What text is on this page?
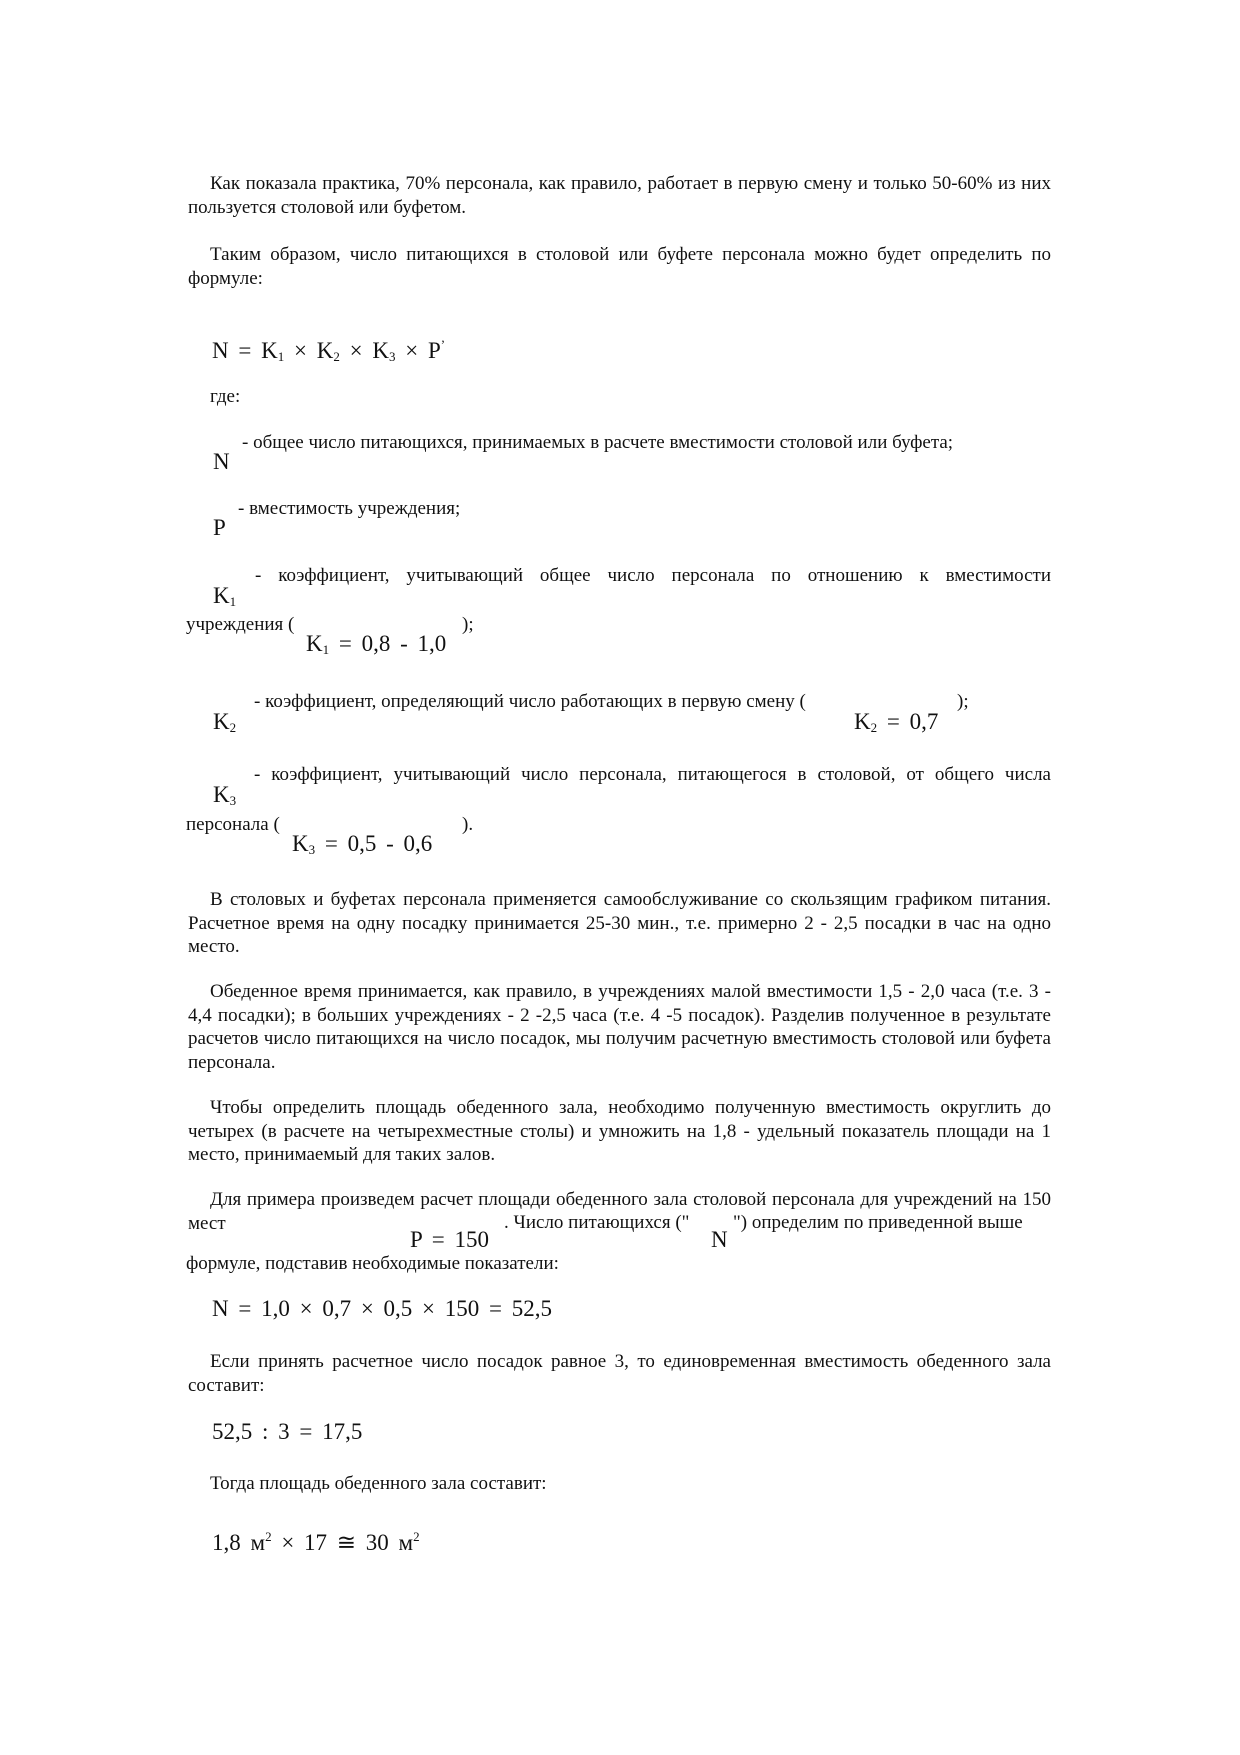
Как показала практика, 70% персонала, как правило, работает в первую смену и только 50-60% из них пользуется столовой или буфетом.
Таким образом, число питающихся в столовой или буфете персонала можно будет определить по формуле:
$N = K_1 \times K_2 \times K_3 \times P^’$
где:
- общее число питающихся, принимаемых в расчете вместимости столовой или буфета;
N
- вместимость учреждения;
P
- коэффициент, учитывающий общее число персонала по отношению к вместимости
$K_1$
учреждения (
$K_1 = 0,8 - 1,0$
);
- коэффициент, определяющий число работающих в первую смену (	);
$K_2$	$K_2 = 0,7$
- коэффициент, учитывающий число персонала, питающегося в столовой, от общего числа
$K_3$
персонала (
$K_3 = 0,5 - 0,6$
).
В столовых и буфетах персонала применяется самообслуживание со скользящим графиком питания. Расчетное время на одну посадку принимается 25-30 мин., т.е. примерно 2 - 2,5 посадки в час на одно место.
Обеденное время принимается, как правило, в учреждениях малой вместимости 1,5 - 2,0 часа (т.е. 3 - 4,4 посадки); в больших учреждениях - 2 -2,5 часа (т.е. 4 -5 посадок). Разделив полученное в результате расчетов число питающихся на число посадок, мы получим расчетную вместимость столовой или буфета персонала.
Чтобы определить площадь обеденного зала, необходимо полученную вместимость округлить до четырех (в расчете на четырехместные столы) и умножить на 1,8 - удельный показатель площади на 1 место, принимаемый для таких залов.
Для примера произведем расчет площади обеденного зала столовой персонала для учреждений на 150 мест
P = 150
. Число питающихся ("
N
") определим по приведенной выше
формуле, подставив необходимые показатели:
N = 1,0 × 0,7 × 0,5 × 150 = 52,5
Если принять расчетное число посадок равное 3, то единовременная вместимость обеденного зала составит:
52,5 : 3 = 17,5
Тогда площадь обеденного зала составит:
1,8 $м^2 \times 17$ ≅ 30 $м^2$
